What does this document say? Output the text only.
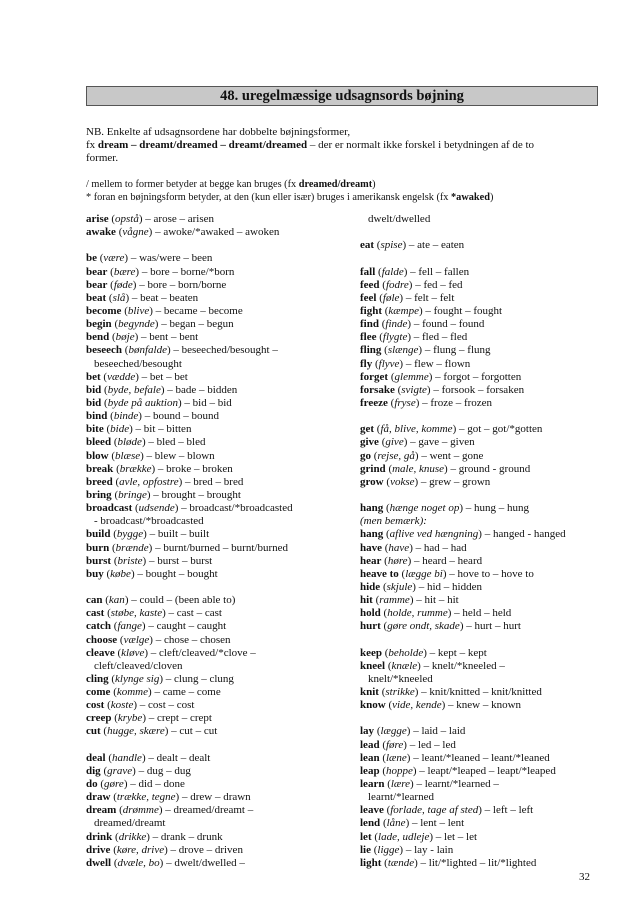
48. uregelmæssige udsagnsords bøjning
NB. Enkelte af udsagnsordene har dobbelte bøjningsformer,
fx dream – dreamt/dreamed – dreamt/dreamed – der er normalt ikke forskel i betydningen af de to
former.
/ mellem to former betyder at begge kan bruges (fx dreamed/dreamt)
* foran en bøjningsform betyder, at den (kun eller især) bruges i amerikansk engelsk (fx *awaked)
arise (opstå) – arose – arisen
awake (vågne) – awoke/*awaked – awoken
be (være) – was/were – been
bear (bære) – bore – borne/*born
bear (føde) – bore – born/borne
beat (slå) – beat – beaten
become (blive) – became – become
begin (begynde) – began – begun
bend (bøje) – bent – bent
beseech (bønfalde) – beseeched/besought –
beseeched/besought
bet (vædde) – bet – bet
bid (byde, befale) – bade – bidden
bid (byde på auktion) – bid – bid
bind (binde) – bound – bound
bite (bide) – bit – bitten
bleed (bløde) – bled – bled
blow (blæse) – blew – blown
break (brække) – broke – broken
breed (avle, opfostre) – bred – bred
bring (bringe) – brought – brought
broadcast (udsende) – broadcast/*broadcasted
- broadcast/*broadcasted
build (bygge) – built – built
burn (brænde) – burnt/burned – burnt/burned
burst (briste) – burst – burst
buy (købe) – bought – bought
can (kan) – could – (been able to)
cast (støbe, kaste) – cast – cast
catch (fange) – caught – caught
choose (vælge) – chose – chosen
cleave (kløve) – cleft/cleaved/*clove –
cleft/cleaved/cloven
cling (klynge sig) – clung – clung
come (komme) – came – come
cost (koste) – cost – cost
creep (krybe) – crept – crept
cut (hugge, skære) – cut – cut
deal (handle) – dealt – dealt
dig (grave) – dug – dug
do (gøre) – did – done
draw (trække, tegne) – drew – drawn
dream (drømme) – dreamed/dreamt –
dreamed/dreamt
drink (drikke) – drank – drunk
drive (køre, drive) – drove – driven
dwell (dvæle, bo) – dwelt/dwelled –
dwelt/dwelled
eat (spise) – ate – eaten
fall (falde) – fell – fallen
feed (fodre) – fed – fed
feel (føle) – felt – felt
fight (kæmpe) – fought – fought
find (finde) – found – found
flee (flygte) – fled – fled
fling (slænge) – flung – flung
fly (flyve) – flew – flown
forget (glemme) – forgot – forgotten
forsake (svigte) – forsook – forsaken
freeze (fryse) – froze – frozen
get (få, blive, komme) – got – got/*gotten
give (give) – gave – given
go (rejse, gå) – went – gone
grind (male, knuse) – ground - ground
grow (vokse) – grew – grown
hang (hænge noget op) – hung – hung
(men bemærk):
hang (aflive ved hængning) – hanged - hanged
have (have) – had – had
hear (høre) – heard – heard
heave to (lægge bi) – hove to – hove to
hide (skjule) – hid – hidden
hit (ramme) – hit – hit
hold (holde, rumme) – held – held
hurt (gøre ondt, skade) – hurt – hurt
keep (beholde) – kept – kept
kneel (knæle) – knelt/*kneeled –
knelt/*kneeled
knit (strikke) – knit/knitted – knit/knitted
know (vide, kende) – knew – known
lay (lægge) – laid – laid
lead (føre) – led – led
lean (læne) – leant/*leaned – leant/*leaned
leap (hoppe) – leapt/*leaped – leapt/*leaped
learn (lære) – learnt/*learned –
learnt/*learned
leave (forlade, tage af sted) – left – left
lend (låne) – lent – lent
let (lade, udleje) – let – let
lie (ligge) – lay - lain
light (tænde) – lit/*lighted – lit/*lighted
32
